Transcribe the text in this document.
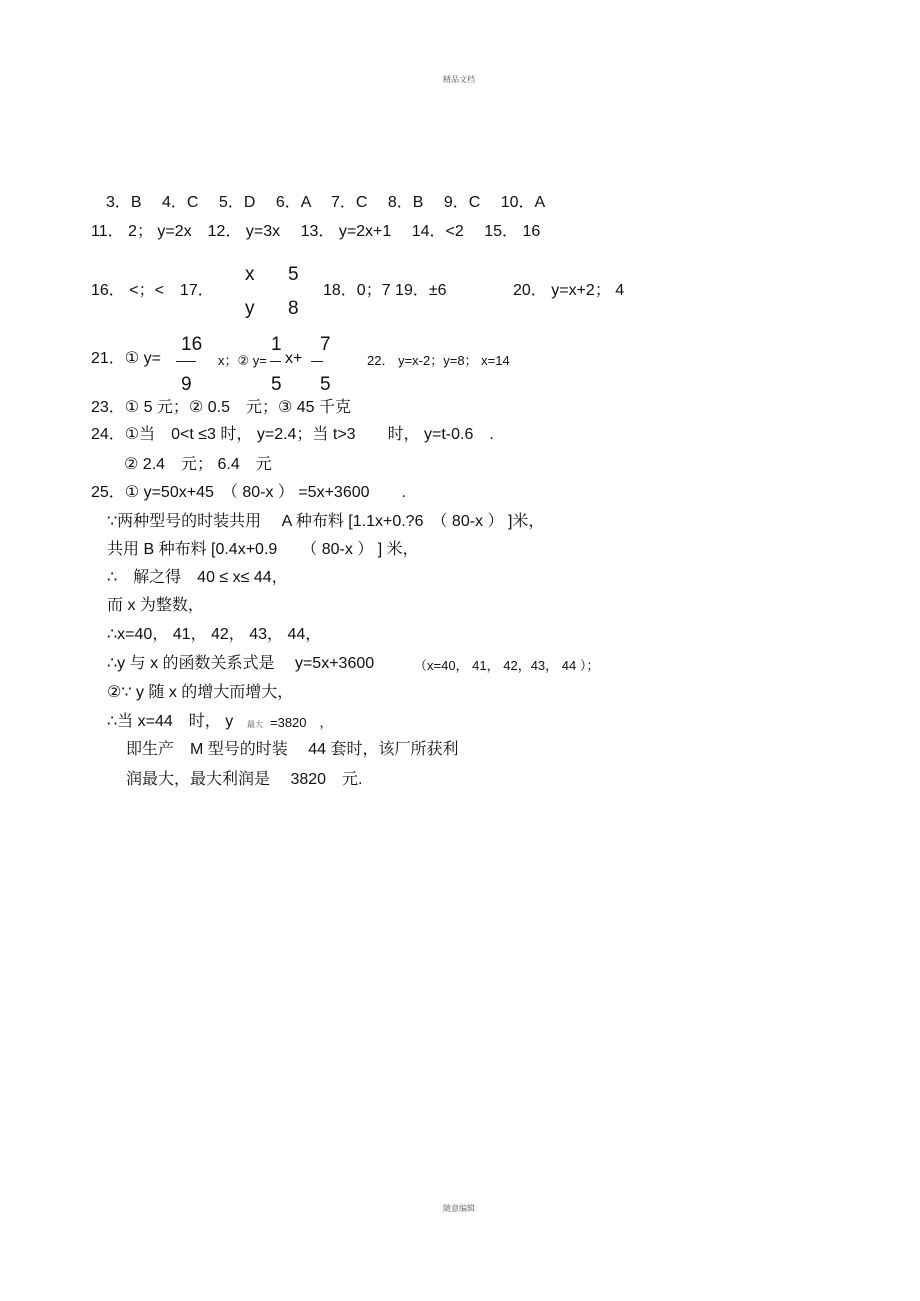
精品文档
3．B　 4．C　 5．D　 6．A　 7．C　 8．B　 9．C　 10．A
11． 2； y=2x　12． y=3x　 13． y=2x+1　 14．<2　 15． 16
16． <；<　17．
x 5
y 8
18．0；7 19．±6	20． y=x+2； 4
21．① y=
16
9
x；② y=
1
5
x+
7
5
22． y=x-2；y=8； x=14
23．① 5 元；② 0.5　元；③ 45 千克
24．①当　0<t ≤3 时， y=2.4；当 t>3　　时， y=t-0.6　.
② 2.4　元； 6.4　元
25．① y=50x+45　（ 80-x ） =5x+3600　　.
∵两种型号的时装共用　 A 种布料 [1.1x+0.?6　（ 80-x ） ]米，
共用 B 种布料 [0.4x+0.9　　（ 80-x ） ] 米，
∴　解之得　40 ≤ x≤ 44，
而 x 为整数，
∴x=40， 41， 42， 43， 44，
∴y 与 x 的函数关系式是　 y=5x+3600	（x=40， 41， 42，43， 44 ）；
②∵ y 随 x 的增大而增大，
∴当 x=44　时， y 最大 =3820　，
即生产　M 型号的时装　 44 套时，该厂所获利
润最大，最大利润是　 3820　元.
随意编辑
